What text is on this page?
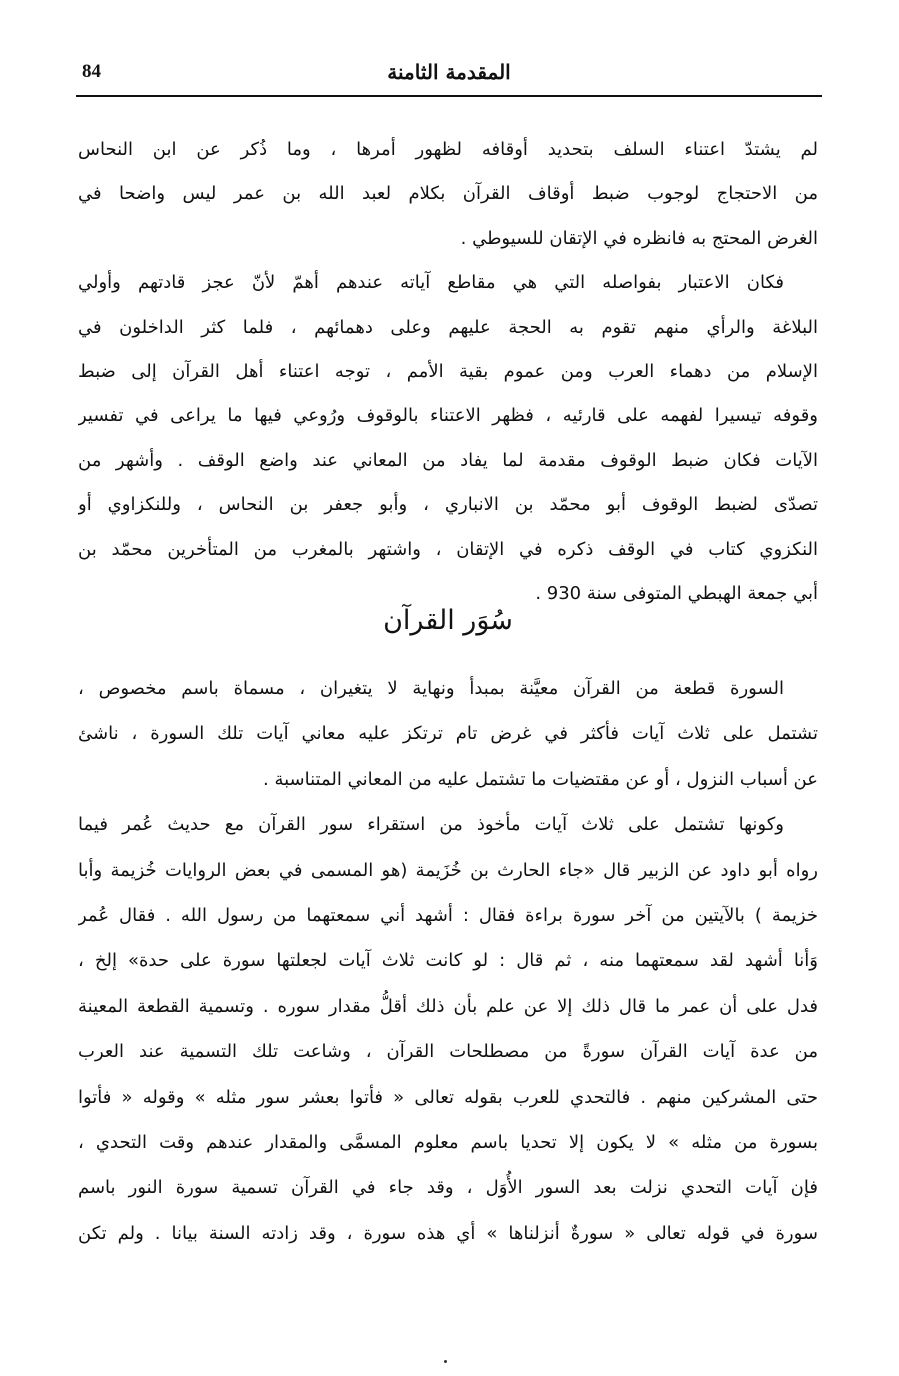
84	المقدمة الثامنة
لم يشتدّ اعتناء السلف بتحديد أوقافه لظهور أمرها ، وما ذُكر عن ابن النحاس
من الاحتجاج لوجوب ضبط أوقاف القرآن بكلام لعبد الله بن عمر ليس واضحا في
الغرض المحتج به فانظره في الإتقان للسيوطي .
فكان الاعتبار بفواصله التي هي مقاطع آياته عندهم أهمّ لأنّ عجز قادتهم وأولي
البلاغة والرأي منهم تقوم به الحجة عليهم وعلى دهمائهم ، فلما كثر الداخلون في
الإسلام من دهماء العرب ومن عموم بقية الأمم ، توجه اعتناء أهل القرآن إلى ضبط
وقوفه تيسيرا لفهمه على قارئيه ، فظهر الاعتناء بالوقوف ورُوعي فيها ما يراعى في تفسير
الآيات فكان ضبط الوقوف مقدمة لما يفاد من المعاني عند واضع الوقف . وأشهر من
تصدّى لضبط الوقوف أبو محمّد بن الانباري ، وأبو جعفر بن النحاس ، وللنكزاوي أو
النكزوي كتاب في الوقف ذكره في الإتقان ، واشتهر بالمغرب من المتأخرين محمّد بن
أبي جمعة الهبطي المتوفى سنة 930 .
سُوَر القرآن
السورة قطعة من القرآن معيَّنة بمبدأ ونهاية لا يتغيران ، مسماة باسم مخصوص ،
تشتمل على ثلاث آيات فأكثر في غرض تام ترتكز عليه معاني آيات تلك السورة ، ناشئ
عن أسباب النزول ، أو عن مقتضيات ما تشتمل عليه من المعاني المتناسبة .
وكونها تشتمل على ثلاث آيات مأخوذ من استقراء سور القرآن مع حديث عُمر فيما
رواه أبو داود عن الزبير قال «جاء الحارث بن خُزَيمة (هو المسمى في بعض الروايات خُزيمة وأبا
خزيمة ) بالآيتين من آخر سورة براءة فقال : أشهد أني سمعتهما من رسول الله . فقال عُمر
وَأنا أشهد لقد سمعتهما منه ، ثم قال : لو كانت ثلاث آيات لجعلتها سورة على حدة» إلخ ،
فدل على أن عمر ما قال ذلك إلا عن علم بأن ذلك أقلُّ مقدار سوره . وتسمية القطعة المعينة
من عدة آيات القرآن سورةً من مصطلحات القرآن ، وشاعت تلك التسمية عند العرب
حتى المشركين منهم . فالتحدي للعرب بقوله تعالى « فأتوا بعشر سور مثله » وقوله « فأتوا
بسورة من مثله » لا يكون إلا تحديا باسم معلوم المسمَّى والمقدار عندهم وقت التحدي ،
فإن آيات التحدي نزلت بعد السور الأُوَل ، وقد جاء في القرآن تسمية سورة النور باسم
سورة في قوله تعالى « سورةٌ أنزلناها » أي هذه سورة ، وقد زادته السنة بيانا . ولم تكن
